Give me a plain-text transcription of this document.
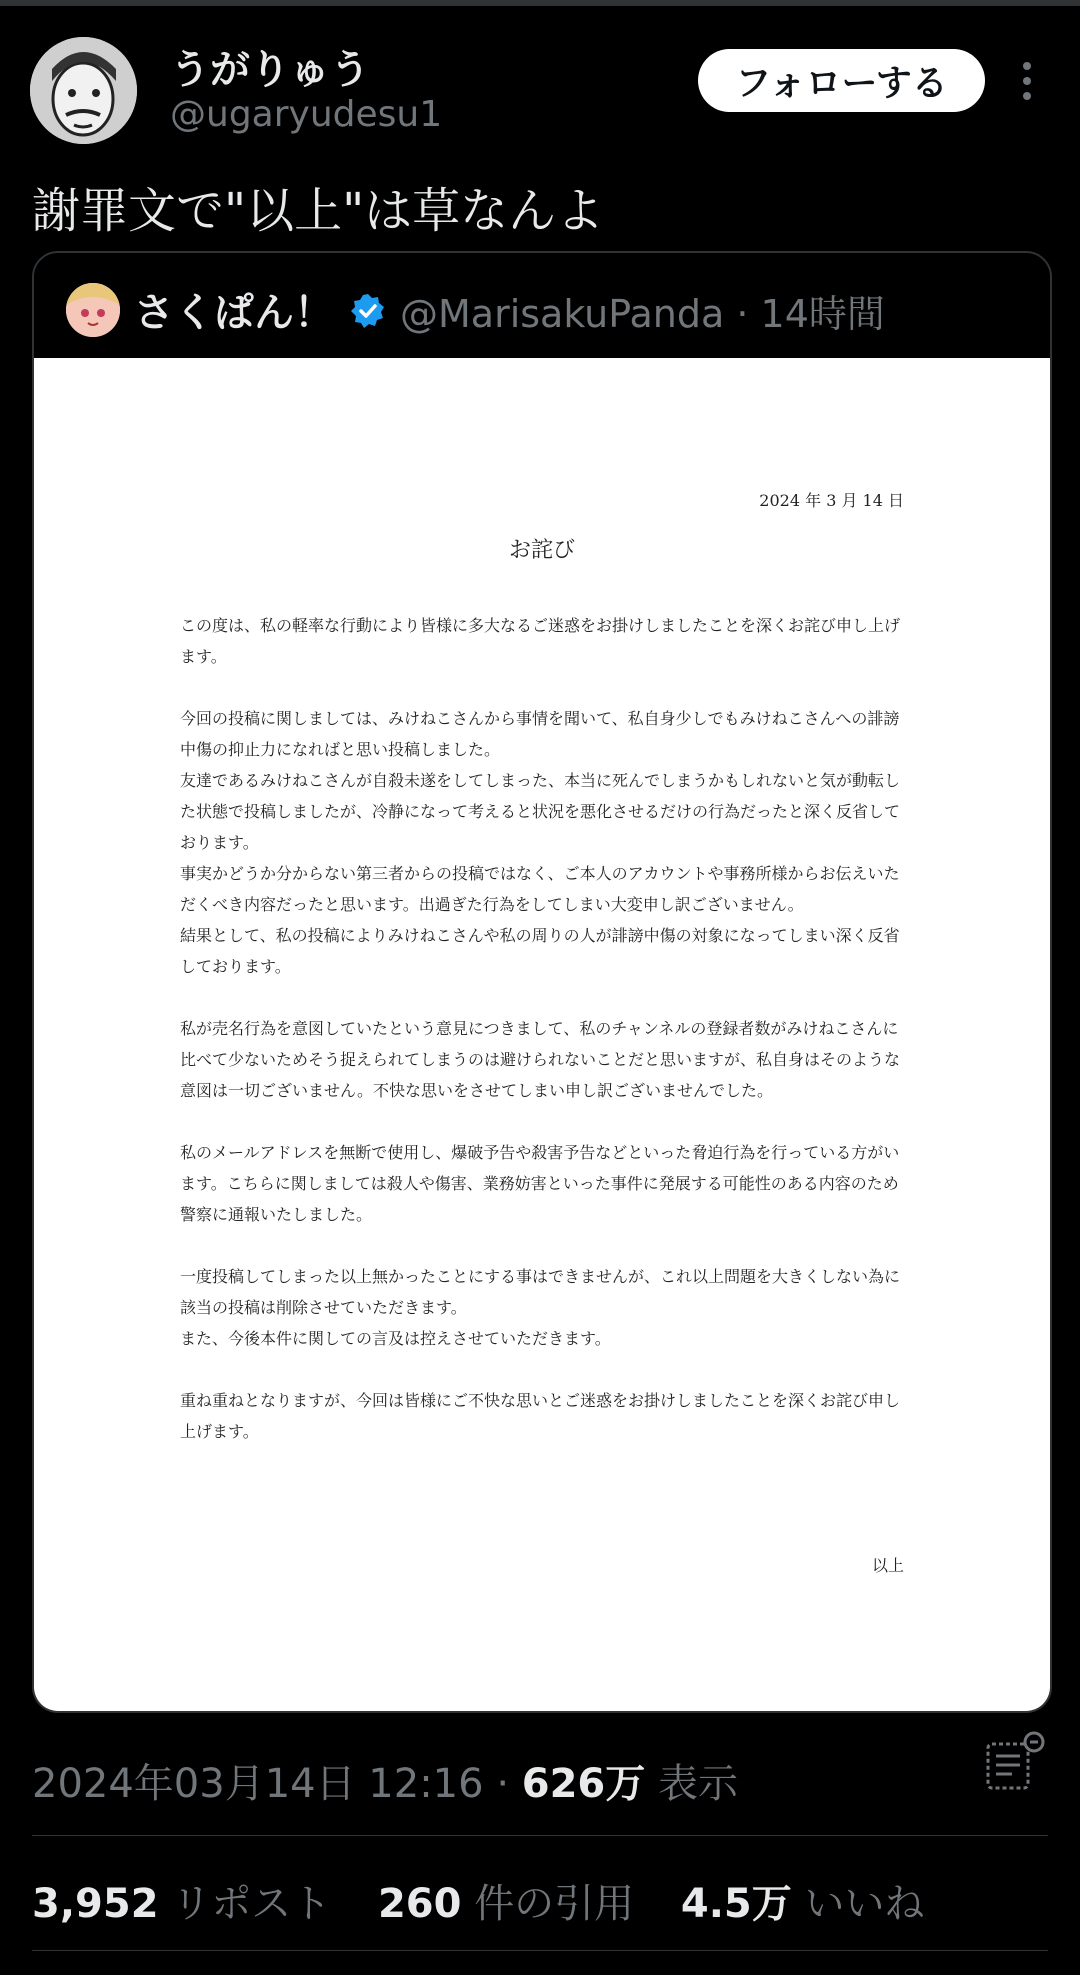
うがりゅう
@ugaryudesu1
フォローする
謝罪文で"以上"は草なんよ
さくぱん！ @MarisakuPanda · 14時間
2024 年 3 月 14 日
お詫び

この度は、私の軽率な行動により皆様に多大なるご迷惑をお掛けしましたことを深くお詫び申し上げます。

今回の投稿に関しましては、みけねこさんから事情を聞いて、私自身少しでもみけねこさんへの誹謗中傷の抑止力になればと思い投稿しました。
友達であるみけねこさんが自殺未遂をしてしまった、本当に死んでしまうかもしれないと気が動転した状態で投稿しましたが、冷静になって考えると状況を悪化させるだけの行為だったと深く反省しております。
事実かどうか分からない第三者からの投稿ではなく、ご本人のアカウントや事務所様からお伝えいただくべき内容だったと思います。出過ぎた行為をしてしまい大変申し訳ございません。
結果として、私の投稿によりみけねこさんや私の周りの人が誹謗中傷の対象になってしまい深く反省しております。

私が売名行為を意図していたという意見につきまして、私のチャンネルの登録者数がみけねこさんに比べて少ないためそう捉えられてしまうのは避けられないことだと思いますが、私自身はそのような意図は一切ございません。不快な思いをさせてしまい申し訳ございませんでした。

私のメールアドレスを無断で使用し、爆破予告や殺害予告などといった脅迫行為を行っている方がいます。こちらに関しましては殺人や傷害、業務妨害といった事件に発展する可能性のある内容のため警察に通報いたしました。

一度投稿してしまった以上無かったことにする事はできませんが、これ以上問題を大きくしない為に該当の投稿は削除させていただきます。
また、今後本件に関しての言及は控えさせていただきます。

重ね重ねとなりますが、今回は皆様にご不快な思いとご迷惑をお掛けしましたことを深くお詫び申し上げます。

以上
2024年03月14日 12:16 · 626万 表示
3,952 リポスト 260 件の引用 4.5万 いいね
